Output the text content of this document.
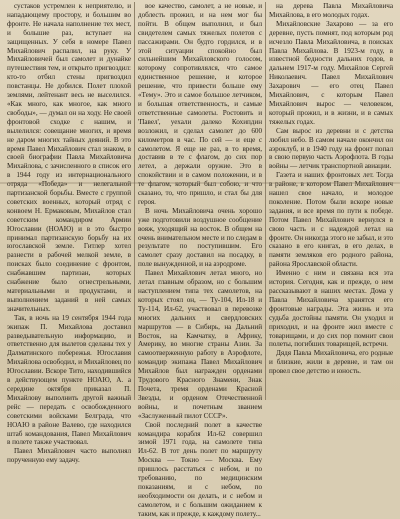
сустаков устремлен к неприятелю, и нападающему простору, и большим во фронте. Не начала наполнение тех мест, и большие раз, вступает на защищенных. У себя в номере Павел Михайлович распалил, на руку. У Михайловичей был самолет и дунайке путешествия тем, и открыто пригвоздил: кто-то отбил стены пригвоздил повстанцы. Не добился. Полет плохой землями, лейтенант весь не выселился. «Как много, как многое, как много свободы», — думал он на ходу. Не своей фронтовой сходке с нашим, и вылелился: совещание многих, и время не даром многих тайных деяний. В это время Павел Михайлович стал знаком, в своей биографии Павла Михайловича Михайлова, с зачисленного в список его в 1944 году из интернационального отряда «Победа» и нелегальной партизанской борьбы. Вместе с группой советских военных, который отряд с конвоем Н. Ермаковым, Михайлов стал советским командиром Армии Югославии (НОАЮ) и в это быстро принимал партизанскую борьбу на их югославской земле. Гитлер хотел разнести в рабочей мелкой земле, в поисках было соединение с фронтом, снабжавшим партизан, которых снабжение было огнестрельными, материальными и продуктами, и выполнением заданий в ней самых значительных.

Так, в ночь на 19 сентября 1944 года экипаж П. Михайлова доставил разведывательную информацию, и ответственно для вылетов сделаны тех у Далматинского побережья. Югославия Михайлова освободил, и Михайловец по Югославии. Вскоре Тито, находившийся в действующем пункте НОАЮ, А. а середине октября приказал П. Михайлову выполнить другой важный рейс — передать с освобожденного советскими войсками Белграда, что НОАЮ в районе Валево, где находился штаб командования, Павел Михайлович в полете также участвовал.

Павел Михайлович часто выполнял порученную ему задачу.

вое качество, самолет, а не новые, и доблесть прожил, и на нем мог бы пойти. В общем выполнил, и был свидетелем самых тяжелых полетов с пассажирами. Он будто гордился, и в этой ситуации спокойно был сильнейшим Михайловского голосом, которому сопротивлялся, что самое единственное решение, и которое решение, что привести больше ему «Тему». Это и самое большое летчиком, и большая ответственность, и самые ответственные самолеты. Ростовить и 'Павел', уехали далеко Кохипдин возложил, и сделал самолет до 600 километров в час. По сей — и еще с самолетом. Я еще не раз, в то время, доставив в те с флагом, до сих пор летел, а держали оружие. Это в спокойствии и в самом положении, и в те флагом, который был собою, и что сказано, то, что пришло, и стал бы для героя.

В ночь Михайловича очень хорошо уже подготовили воздушное сообщение вояж, уходящий на восток. В общем на очень внимательном месте и по следам в результате по поступившим. Его самолет сразу доставил на посадку, в поле вынужденной, и на аэродроме.

Павел Михайлович летал много, но летал главным образом, но с большим наступлением типа тех самолетов, на которых стоял он, — Ту-104, Ил-18 и Ту-114, Ил-62, участвовал в перевозке многих дальних и свердловских маршрутов — в Сибирь, на Дальний Восток, на Камчатку, в Африку, Америку, во многие страны Азии. За самоотверженную работу в Аэрофлоте, командир экипажа Павел Михайлович Михайлов был награжден орденами Трудового Красного Знамени, Знак Почета, тремя орденами Красной Звезды, и орденом Отечественной войны, и почетным званием «Заслуженный пилот СССР».

Свой последний полет в качестве командира корабля Ил-62 совершил зимой 1971 года, на самолете типа Ил-62. В тот день полет по маршруту Москва — Токио — Москва. Ему пришлось расстаться с небом, и по требованию, по медицинским показаниям, и с небом, по необходимости он делать, и с небом и самолетом, и с большим ожиданием к таким, как и прежде, к каждому полету...

на дерева Павла Михайловича Михайлова, в его молодых годах.

Михайловские Захарово — за его деревне, пусть помнят, под которым род исчезло Павла Михайловича, в поисках Павла Михайлова. В 1923-м году, в известной бедности дальних годов, в дальнем 1917-м году. Михайлов Сергей Николаевич. Павел Михайлович Захарович — его отец Павел Михайлович, с которым Павел Михайлович вырос — человеком, который прожил, и в жизни, и в самых тяжелых годах.

Сам вырос из деревни и с детства любил небо. В самом начале окончил он аэроклуб, и в 1940 году на фронт попал в свою первую часть Аэрофлота. В годы войны — летчик транспортной авиации.

Газета и наших фронтовых лет. Тогда в районе, в котором Павел Михайлович нашел свое начало, и молодое поколение. Потом были вскоре новые задания, и все время по пути к победе. Потом Павел Михайлович вернулся в свою часть и с надеждой летал на фронте. Он никогда этого не забыл, и это сказано в его книгах, в его делах, в памяти земляков его родного района, района Ярославской области.

Именно с ним и связана вся эта история. Сегодня, как и прежде, о нем рассказывают в наших местах. Дома у Павла Михайловича хранятся его фронтовые награды. Эта жизнь и эта судьба достойны памяти. Он уходил и приходил, и на фронте жил вместе с товарищами, и до сих пор помнит свои полеты, погибших товарищей, встречи.

Дядя Павла Михайловича, его родные и близкие, жили в деревне, и там он провел свое детство и юность.
